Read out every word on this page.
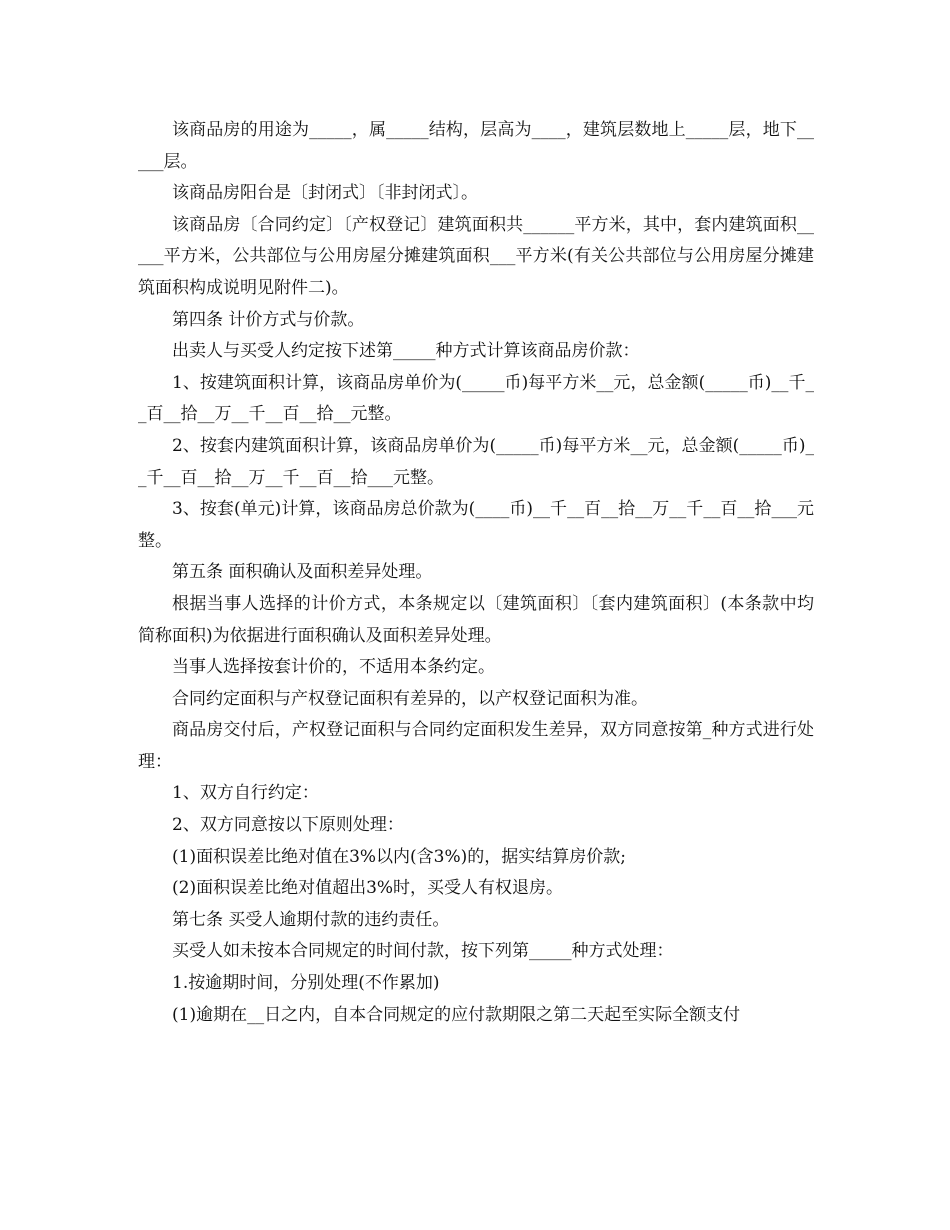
该商品房的用途为_____，属_____结构，层高为____，建筑层数地上_____层，地下_____层。

该商品房阳台是〔封闭式〕〔非封闭式〕。

该商品房〔合同约定〕〔产权登记〕建筑面积共______平方米，其中，套内建筑面积_____平方米，公共部位与公用房屋分摊建筑面积___平方米(有关公共部位与公用房屋分摊建筑面积构成说明见附件二)。

第四条 计价方式与价款。

出卖人与买受人约定按下述第_____种方式计算该商品房价款：

1、按建筑面积计算，该商品房单价为(_____币)每平方米__元，总金额(_____币)__千__百__拾__万__千__百__拾__元整。

2、按套内建筑面积计算，该商品房单价为(_____币)每平方米__元，总金额(_____币)__千__百__拾__万__千__百__拾___元整。

3、按套(单元)计算，该商品房总价款为(____币)__千__百__拾__万__千__百__拾___元整。

第五条 面积确认及面积差异处理。

根据当事人选择的计价方式，本条规定以〔建筑面积〕〔套内建筑面积〕(本条款中均简称面积)为依据进行面积确认及面积差异处理。

当事人选择按套计价的，不适用本条约定。

合同约定面积与产权登记面积有差异的，以产权登记面积为准。

商品房交付后，产权登记面积与合同约定面积发生差异，双方同意按第_种方式进行处理：

1、双方自行约定：

2、双方同意按以下原则处理：

(1)面积误差比绝对值在3%以内(含3%)的，据实结算房价款;

(2)面积误差比绝对值超出3%时，买受人有权退房。

第七条 买受人逾期付款的违约责任。

买受人如未按本合同规定的时间付款，按下列第_____种方式处理：

1.按逾期时间，分别处理(不作累加)

(1)逾期在__日之内，自本合同规定的应付款期限之第二天起至实际全额支付
